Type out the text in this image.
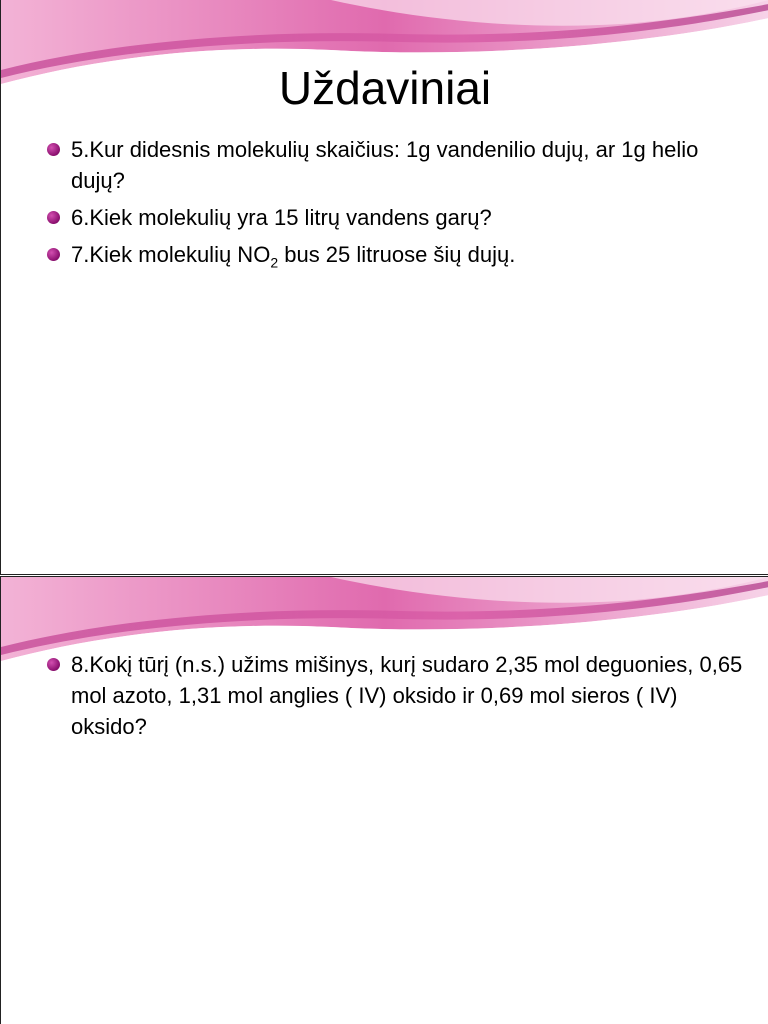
Uždaviniai
5.Kur didesnis molekulių skaičius: 1g vandenilio dujų, ar 1g helio dujų?
6.Kiek molekulių yra 15 litrų vandens garų?
7.Kiek molekulių $NO_2$ bus 25 litruose šių dujų.
8.Kokį tūrį (n.s.) užims mišinys, kurį sudaro 2,35 mol deguonies, 0,65 mol azoto, 1,31 mol anglies ( IV) oksido ir 0,69 mol sieros ( IV) oksido?
